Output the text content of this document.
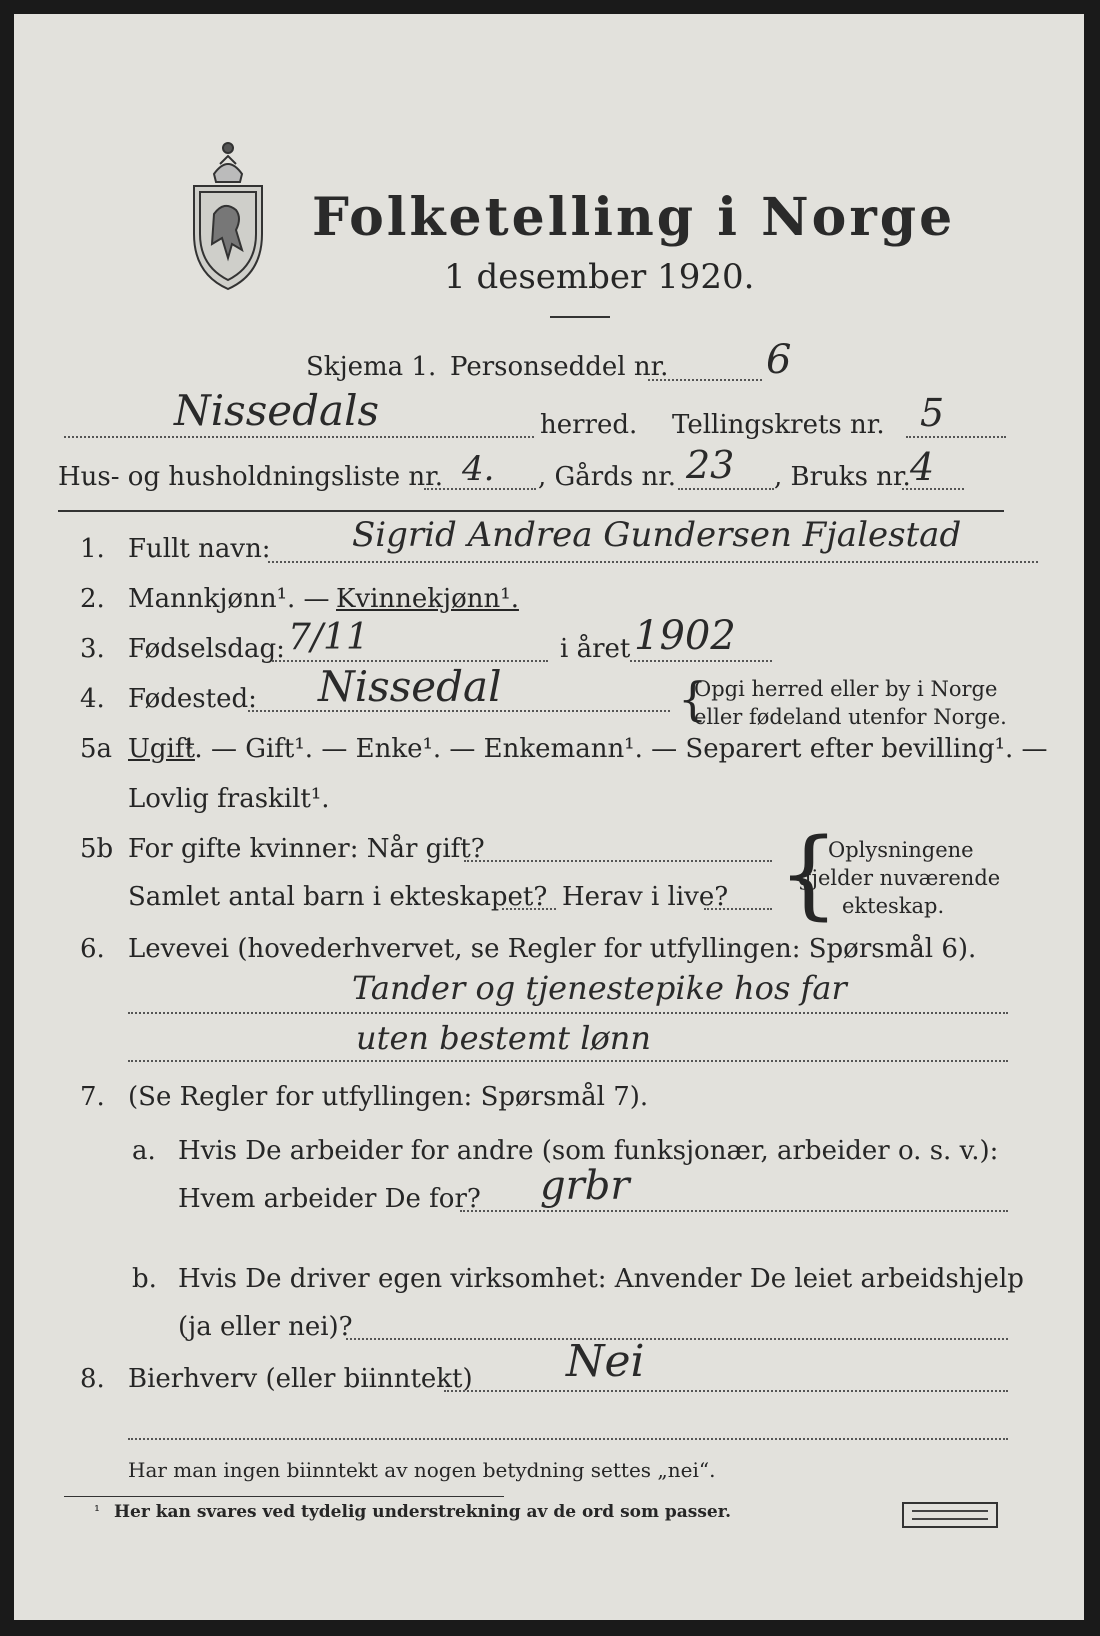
Folketelling i Norge
1 desember 1920.
Skjema 1. Personseddel nr. 6
Nissedals	herred. Tellingskrets nr. 5
Hus- og husholdningsliste nr. 4. , Gårds nr. 23 , Bruks nr. 4
1. Fullt navn: Sigrid Andrea Gundersen Fjalestad
2. Mannkjønn¹. — Kvinnekjønn¹.
3. Fødselsdag: 7/11	i året 1902
4. Fødested: Nissedal	{
Opgi herred eller by i Norge
eller fødeland utenfor Norge.
5a Ugift
¹. — Gift¹. — Enke¹. — Enkemann¹. — Separert efter bevilling¹. —
Lovlig fraskilt¹.
5b For gifte kvinner: Når gift?
Samlet antal barn i ekteskapet? Herav i live? {
Oplysningene
gjelder nuværende
ekteskap.
6. Levevei (hovederhvervet, se Regler for utfyllingen: Spørsmål 6).
Tander og tjenestepike hos far
uten bestemt lønn
7. (Se Regler for utfyllingen: Spørsmål 7).
a. Hvis De arbeider for andre (som funksjonær, arbeider o. s. v.):
Hvem arbeider De for? grbr
b. Hvis De driver egen virksomhet: Anvender De leiet arbeidshjelp
(ja eller nei)?
8. Bierhverv (eller biinntekt) Nei
Har man ingen biinntekt av nogen betydning settes „nei“.
¹ Her kan svares ved tydelig understrekning av de ord som passer.
